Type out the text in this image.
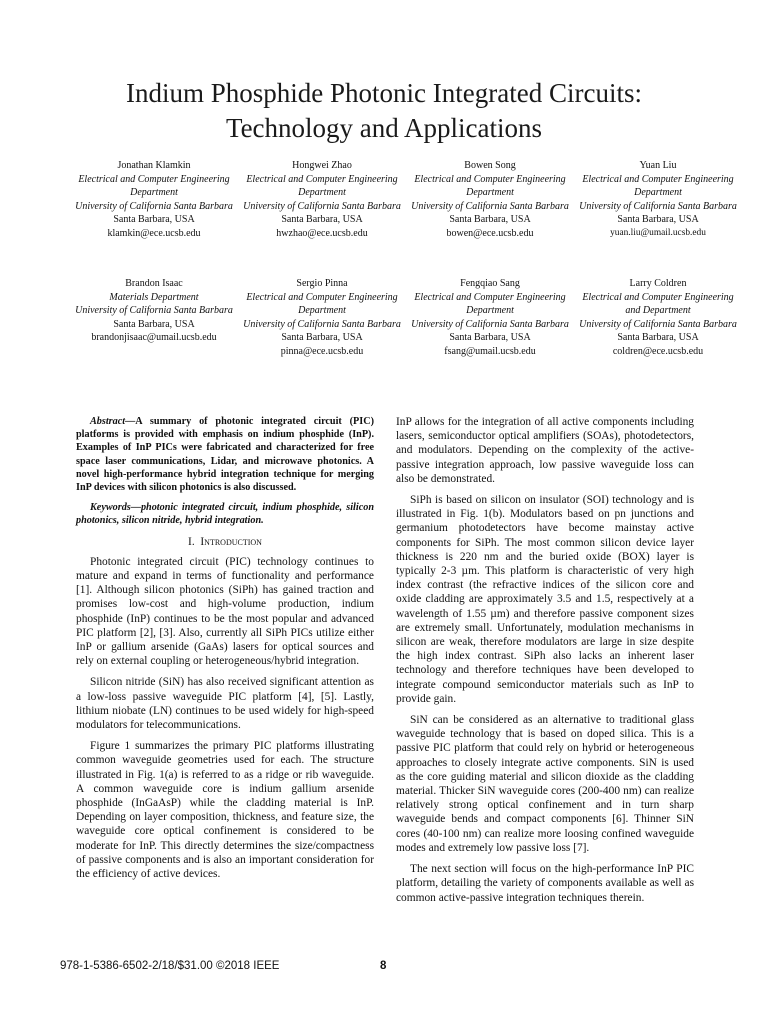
Indium Phosphide Photonic Integrated Circuits:
Technology and Applications
Jonathan Klamkin
Electrical and Computer Engineering Department
University of California Santa Barbara
Santa Barbara, USA
klamkin@ece.ucsb.edu
Hongwei Zhao
Electrical and Computer Engineering Department
University of California Santa Barbara
Santa Barbara, USA
hwzhao@ece.ucsb.edu
Bowen Song
Electrical and Computer Engineering Department
University of California Santa Barbara
Santa Barbara, USA
bowen@ece.ucsb.edu
Yuan Liu
Electrical and Computer Engineering Department
University of California Santa Barbara
Santa Barbara, USA
yuan.liu@umail.ucsb.edu
Brandon Isaac
Materials Department
University of California Santa Barbara
Santa Barbara, USA
brandonjisaac@umail.ucsb.edu
Sergio Pinna
Electrical and Computer Engineering Department
University of California Santa Barbara
Santa Barbara, USA
pinna@ece.ucsb.edu
Fengqiao Sang
Electrical and Computer Engineering Department
University of California Santa Barbara
Santa Barbara, USA
fsang@umail.ucsb.edu
Larry Coldren
Electrical and Computer Engineering and Department
University of California Santa Barbara
Santa Barbara, USA
coldren@ece.ucsb.edu

Abstract—A summary of photonic integrated circuit (PIC) platforms is provided with emphasis on indium phosphide (InP). Examples of InP PICs were fabricated and characterized for free space laser communications, Lidar, and microwave photonics. A novel high-performance hybrid integration technique for merging InP devices with silicon photonics is also discussed.

Keywords—photonic integrated circuit, indium phosphide, silicon photonics, silicon nitride, hybrid integration.

I. Introduction

Photonic integrated circuit (PIC) technology continues to mature and expand in terms of functionality and performance [1]. Although silicon photonics (SiPh) has gained traction and promises low-cost and high-volume production, indium phosphide (InP) continues to be the most popular and advanced PIC platform [2], [3]. Also, currently all SiPh PICs utilize either InP or gallium arsenide (GaAs) lasers for optical sources and rely on external coupling or heterogeneous/hybrid integration.

Silicon nitride (SiN) has also received significant attention as a low-loss passive waveguide PIC platform [4], [5]. Lastly, lithium niobate (LN) continues to be used widely for high-speed modulators for telecommunications.

Figure 1 summarizes the primary PIC platforms illustrating common waveguide geometries used for each. The structure illustrated in Fig. 1(a) is referred to as a ridge or rib waveguide. A common waveguide core is indium gallium arsenide phosphide (InGaAsP) while the cladding material is InP. Depending on layer composition, thickness, and feature size, the waveguide core optical confinement is considered to be moderate for InP. This directly determines the size/compactness of passive components and is also an important consideration for the efficiency of active devices.

InP allows for the integration of all active components including lasers, semiconductor optical amplifiers (SOAs), photodetectors, and modulators. Depending on the complexity of the active-passive integration approach, low passive waveguide loss can also be demonstrated.

SiPh is based on silicon on insulator (SOI) technology and is illustrated in Fig. 1(b). Modulators based on pn junctions and germanium photodetectors have become mainstay active components for SiPh. The most common silicon device layer thickness is 220 nm and the buried oxide (BOX) layer is typically 2-3 µm. This platform is characteristic of very high index contrast (the refractive indices of the silicon core and oxide cladding are approximately 3.5 and 1.5, respectively at a wavelength of 1.55 µm) and therefore passive component sizes are extremely small. Unfortunately, modulation mechanisms in silicon are weak, therefore modulators are large in size despite the high index contrast. SiPh also lacks an inherent laser technology and therefore techniques have been developed to integrate compound semiconductor materials such as InP to provide gain.

SiN can be considered as an alternative to traditional glass waveguide technology that is based on doped silica. This is a passive PIC platform that could rely on hybrid or heterogeneous approaches to closely integrate active components. SiN is used as the core guiding material and silicon dioxide as the cladding material. Thicker SiN waveguide cores (200-400 nm) can realize relatively strong optical confinement and in turn sharp waveguide bends and compact components [6]. Thinner SiN cores (40-100 nm) can realize more loosing confined waveguide modes and extremely low passive loss [7].

The next section will focus on the high-performance InP PIC platform, detailing the variety of components available as well as common active-passive integration techniques therein.

978-1-5386-6502-2/18/$31.00 ©2018 IEEE	8
